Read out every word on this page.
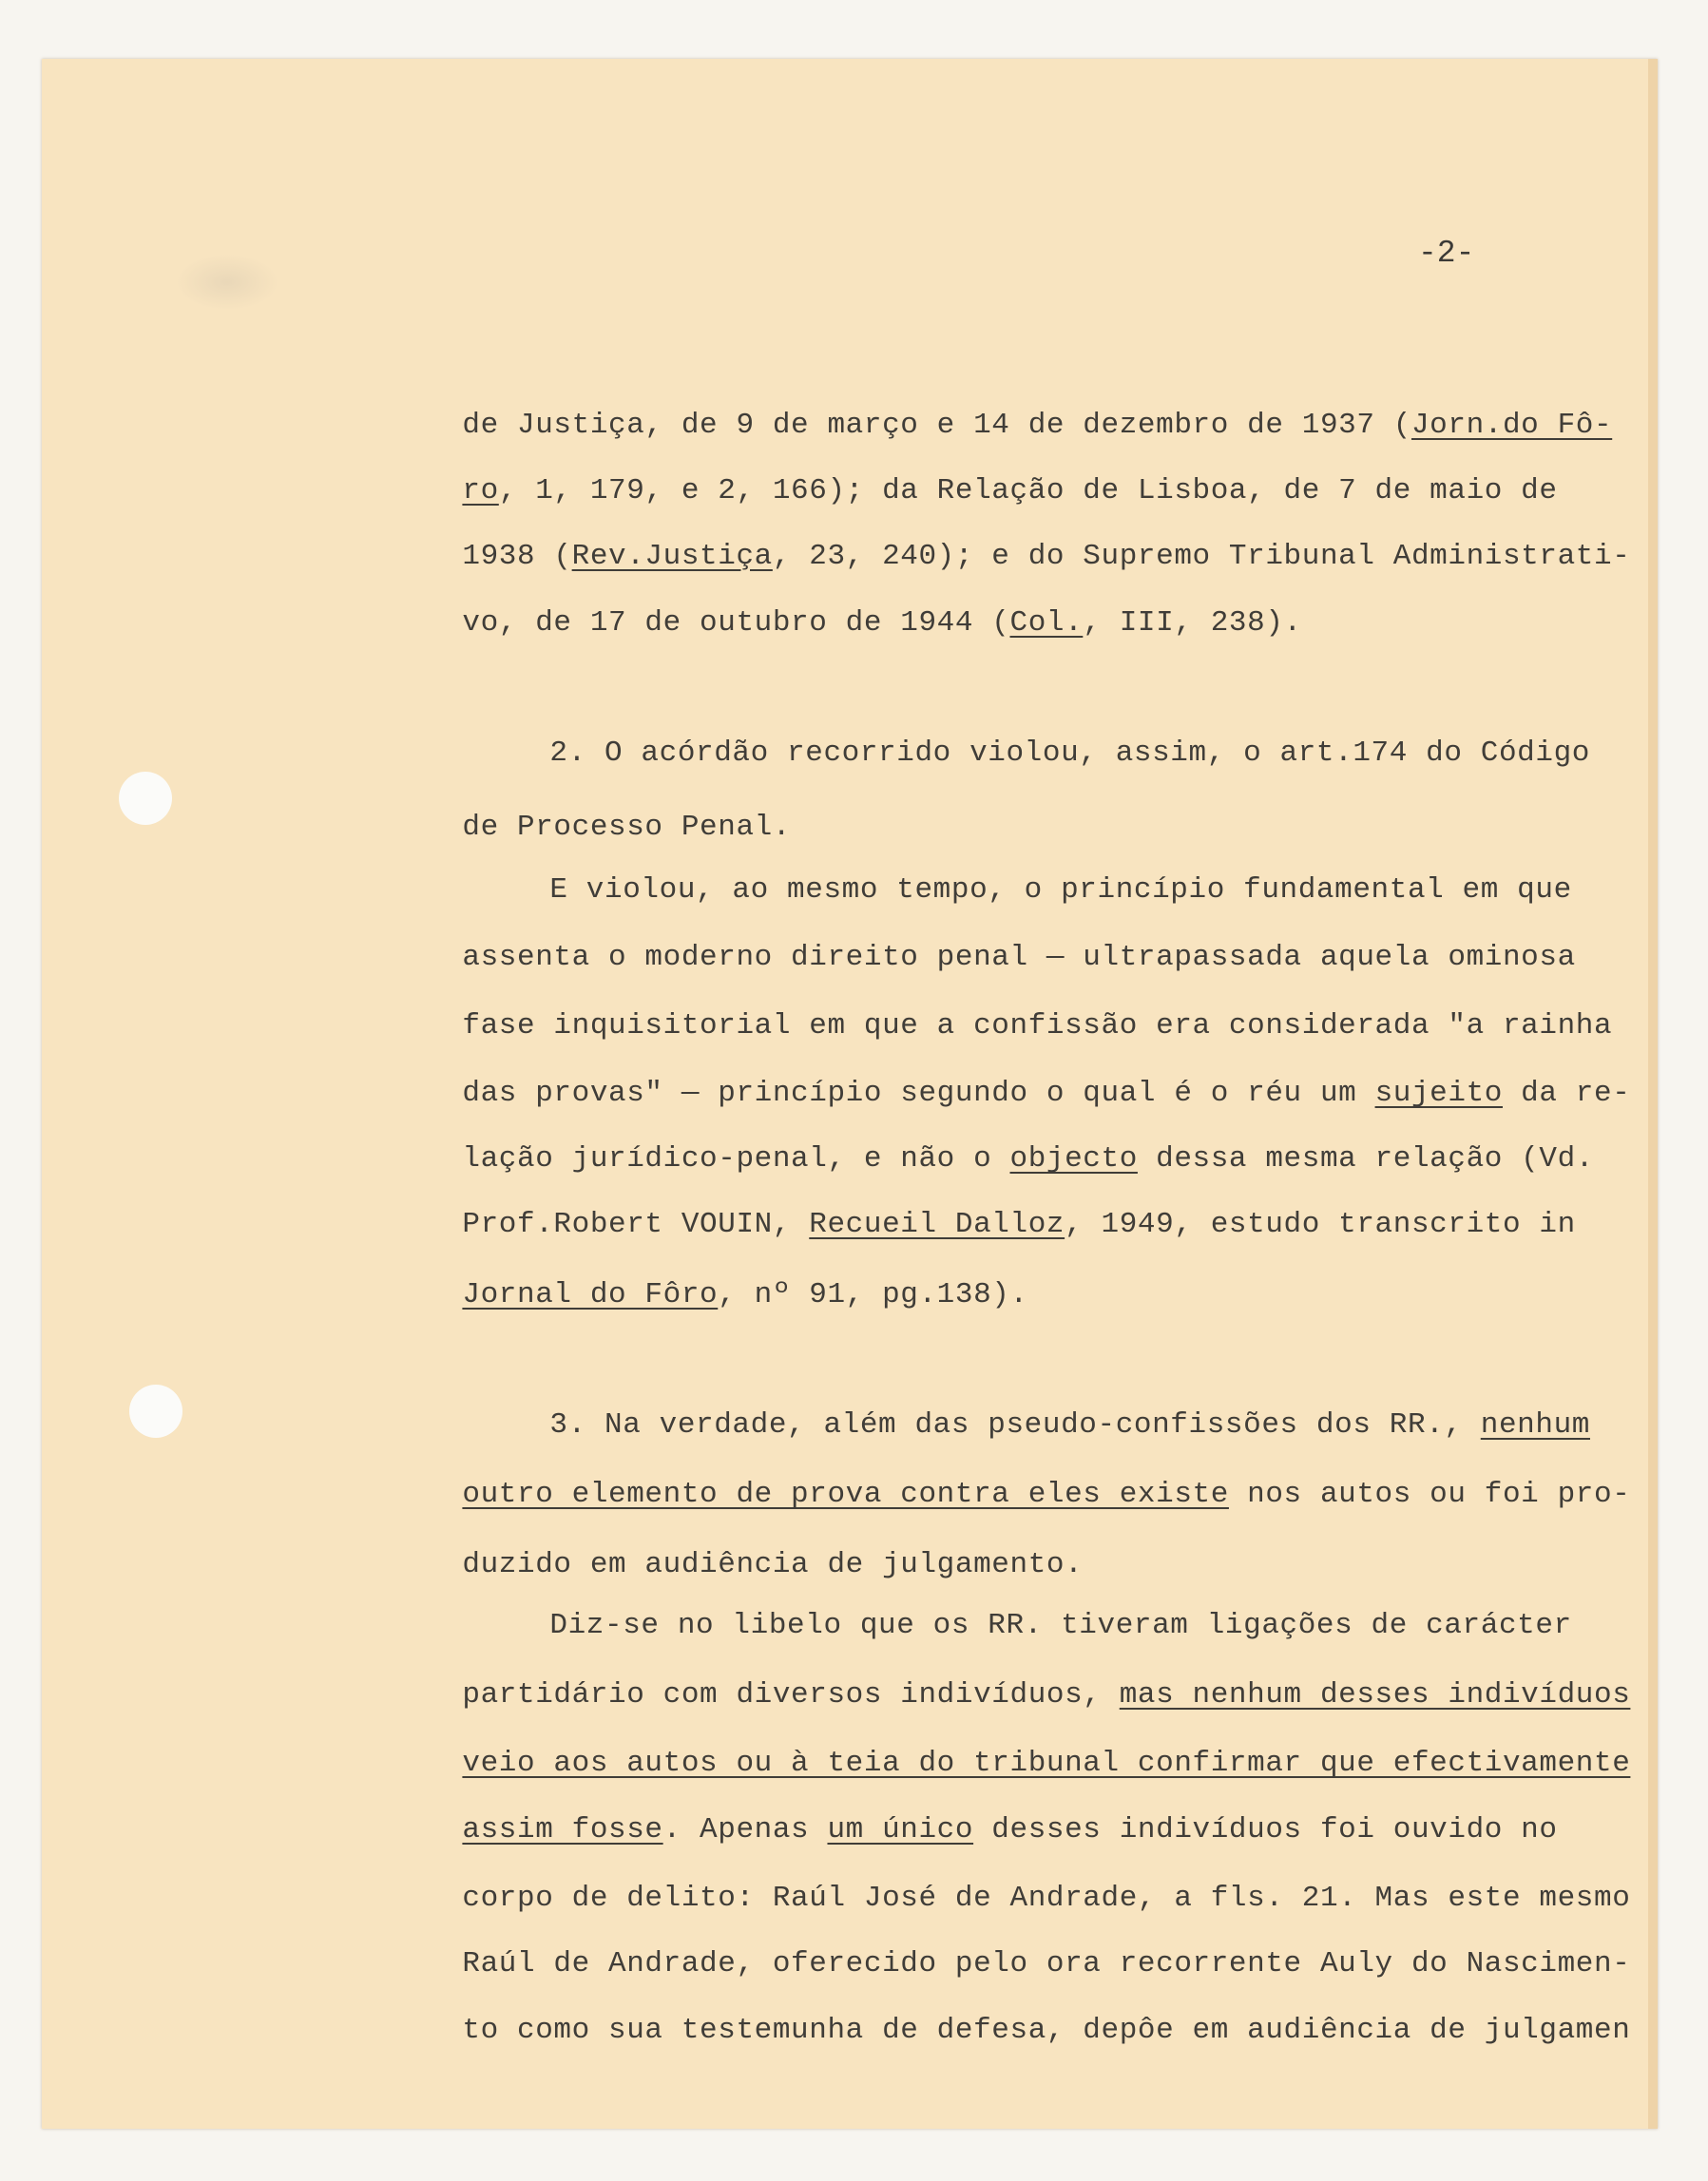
-2-

de Justiça, de 9 de março e 14 de dezembro de 1937 (Jorn.do Fô-

ro, 1, 179, e 2, 166); da Relação de Lisboa, de 7 de maio de

1938 (Rev.Justiça, 23, 240); e do Supremo Tribunal Administrati-

vo, de 17 de outubro de 1944 (Col., III, 238).

2. O acórdão recorrido violou, assim, o art.174 do Código

de Processo Penal.

E violou, ao mesmo tempo, o princípio fundamental em que

assenta o moderno direito penal — ultrapassada aquela ominosa

fase inquisitorial em que a confissão era considerada "a rainha

das provas" — princípio segundo o qual é o réu um sujeito da re-

lação jurídico-penal, e não o objecto dessa mesma relação (Vd.

Prof.Robert VOUIN, Recueil Dalloz, 1949, estudo transcrito in

Jornal do Fôro, nº 91, pg.138).

3. Na verdade, além das pseudo-confissões dos RR., nenhum

outro elemento de prova contra eles existe nos autos ou foi pro-

duzido em audiência de julgamento.

Diz-se no libelo que os RR. tiveram ligações de carácter

partidário com diversos indivíduos, mas nenhum desses indivíduos

veio aos autos ou à teia do tribunal confirmar que efectivamente

assim fosse. Apenas um único desses indivíduos foi ouvido no

corpo de delito: Raúl José de Andrade, a fls. 21. Mas este mesmo

Raúl de Andrade, oferecido pelo ora recorrente Auly do Nascimen-

to como sua testemunha de defesa, depôe em audiência de julgamen
